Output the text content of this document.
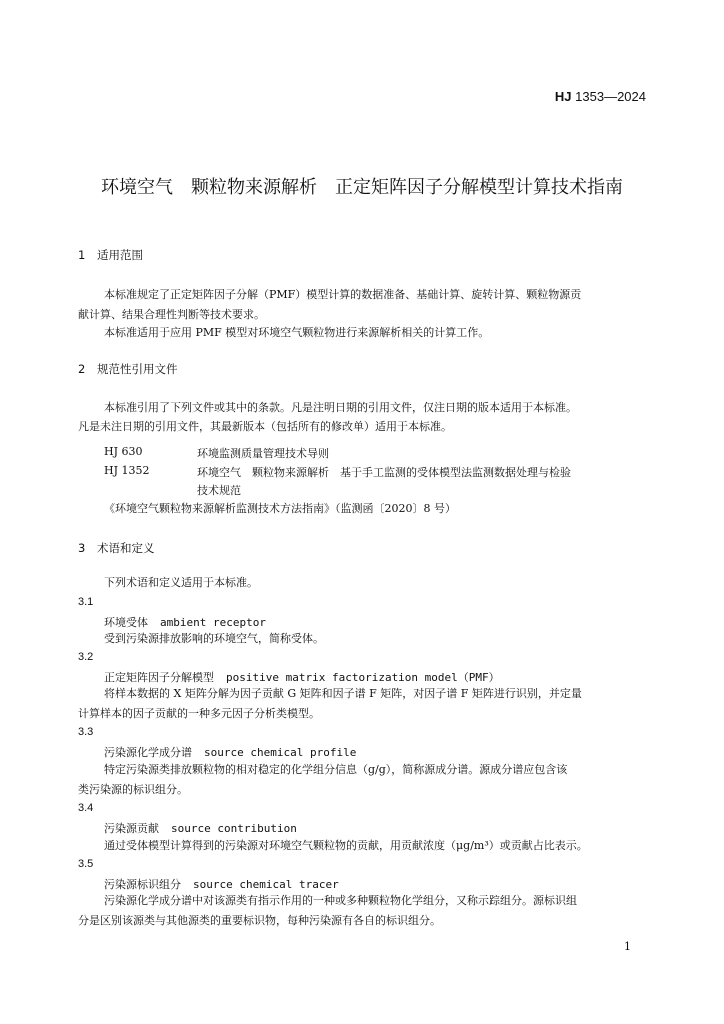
HJ 1353—2024
环境空气　颗粒物来源解析　正定矩阵因子分解模型计算技术指南
1 适用范围
本标准规定了正定矩阵因子分解（PMF）模型计算的数据准备、基础计算、旋转计算、颗粒物源贡
献计算、结果合理性判断等技术要求。
本标准适用于应用 PMF 模型对环境空气颗粒物进行来源解析相关的计算工作。
2 规范性引用文件
本标准引用了下列文件或其中的条款。凡是注明日期的引用文件，仅注日期的版本适用于本标准。
凡是未注日期的引用文件，其最新版本（包括所有的修改单）适用于本标准。
HJ 630	环境监测质量管理技术导则
HJ 1352	环境空气　颗粒物来源解析　基于手工监测的受体模型法监测数据处理与检验
技术规范
《环境空气颗粒物来源解析监测技术方法指南》（监测函〔2020〕8 号）
3 术语和定义
下列术语和定义适用于本标准。
3.1
环境受体 ambient receptor
受到污染源排放影响的环境空气，简称受体。
3.2
正定矩阵因子分解模型 positive matrix factorization model（PMF）
将样本数据的 X 矩阵分解为因子贡献 G 矩阵和因子谱 F 矩阵，对因子谱 F 矩阵进行识别，并定量
计算样本的因子贡献的一种多元因子分析类模型。
3.3
污染源化学成分谱 source chemical profile
特定污染源类排放颗粒物的相对稳定的化学组分信息（g/g），简称源成分谱。源成分谱应包含该
类污染源的标识组分。
3.4
污染源贡献 source contribution
通过受体模型计算得到的污染源对环境空气颗粒物的贡献，用贡献浓度（μg/m³）或贡献占比表示。
3.5
污染源标识组分 source chemical tracer
污染源化学成分谱中对该源类有指示作用的一种或多种颗粒物化学组分，又称示踪组分。源标识组
分是区别该源类与其他源类的重要标识物，每种污染源有各自的标识组分。
1
